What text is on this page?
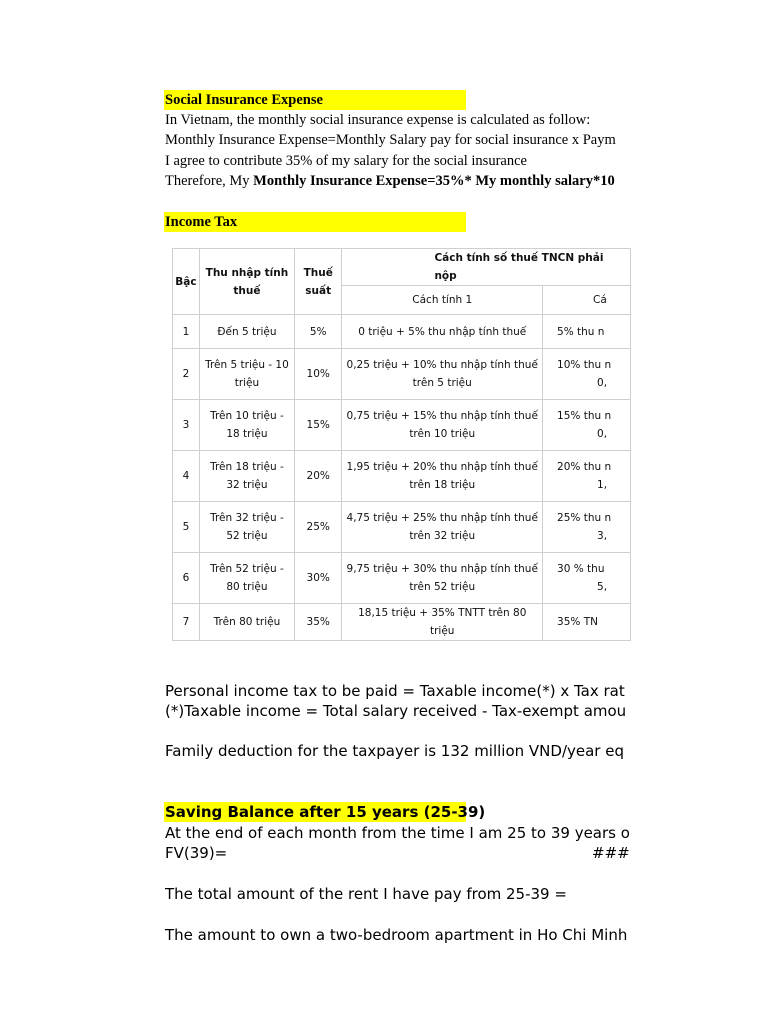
Social Insurance Expense
In Vietnam, the monthly social insurance expense is calculated as follow:
Monthly Insurance Expense=Monthly Salary pay for social insurance x Paym
I agree to contribute 35% of my salary for the social insurance
Therefore, My Monthly Insurance Expense=35%* My monthly salary*10
Income Tax
Bậc	Thu nhập tính thuế	Thuế suất	Cách tính số thuế TNCN phải nộp	
			Cách tính 1	Cá
1	Đến 5 triệu	5%	0 triệu + 5% thu nhập tính thuế	5% thu n

2	Trên 5 triệu - 10 triệu	10%	0,25 triệu + 10% thu nhập tính thuế trên 5 triệu	10% thu n
0,

3	Trên 10 triệu - 18 triệu	15%	0,75 triệu + 15% thu nhập tính thuế trên 10 triệu	15% thu n
0,

4	Trên 18 triệu - 32 triệu	20%	1,95 triệu + 20% thu nhập tính thuế trên 18 triệu	20% thu n
1,

5	Trên 32 triệu - 52 triệu	25%	4,75 triệu + 25% thu nhập tính thuế trên 32 triệu	25% thu n
3,

6	Trên 52 triệu - 80 triệu	30%	9,75 triệu + 30% thu nhập tính thuế trên 52 triệu	30 % thu
5,

7	Trên 80 triệu	35%	18,15 triệu + 35% TNTT trên 80 triệu	35% TN
Personal income tax to be paid = Taxable income(*) x Tax rat
(*)Taxable income = Total salary received - Tax-exempt amou
Family deduction for the taxpayer is 132 million VND/year eq
Saving Balance after 15 years (25-39)
At the end of each month from the time I am 25 to 39 years o
FV(39)=	###
The total amount of the rent I have pay from 25-39 =
The amount to own a two-bedroom apartment in Ho Chi Minh
